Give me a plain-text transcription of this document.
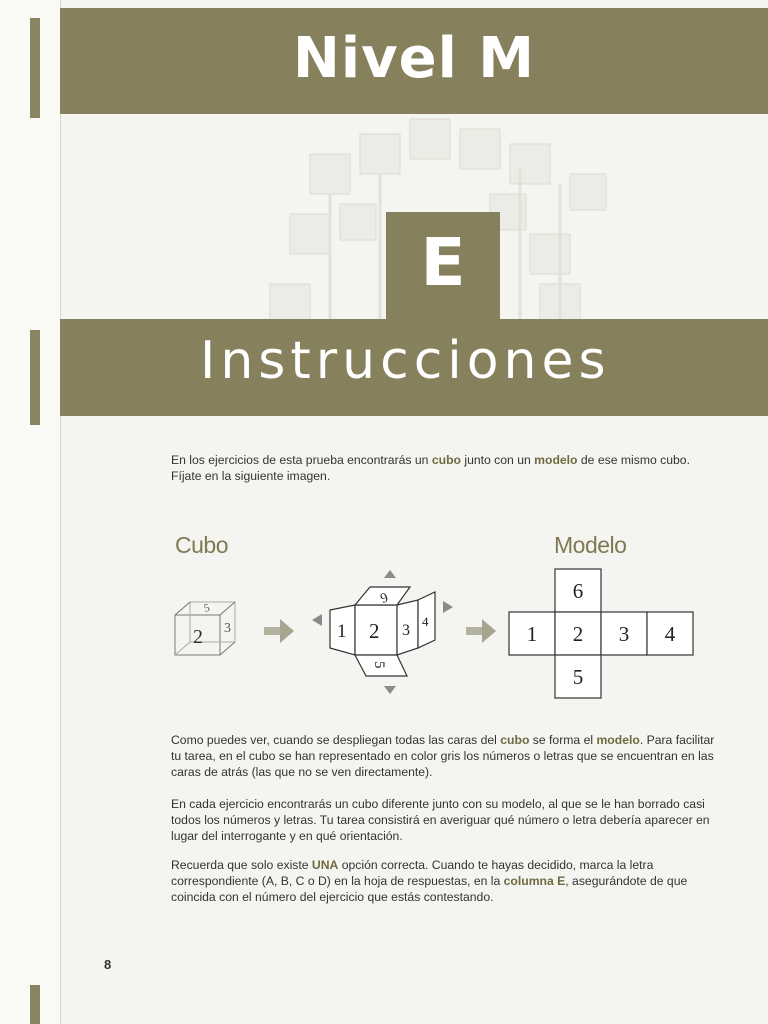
Nivel M
E
Instrucciones

En los ejercicios de esta prueba encontrarás un cubo junto con un modelo de ese mismo cubo. Fíjate en la siguiente imagen.

Cubo	Modelo
2
5
3	1 2 3
4
6
5
6
1 2 3 4
5

Como puedes ver, cuando se despliegan todas las caras del cubo se forma el modelo. Para facilitar tu tarea, en el cubo se han representado en color gris los números o letras que se encuentran en las caras de atrás (las que no se ven directamente).

En cada ejercicio encontrarás un cubo diferente junto con su modelo, al que se le han borrado casi todos los números y letras. Tu tarea consistirá en averiguar qué número o letra debería aparecer en lugar del interrogante y en qué orientación.

Recuerda que solo existe UNA opción correcta. Cuando te hayas decidido, marca la letra correspondiente (A, B, C o D) en la hoja de respuestas, en la columna E, asegurándote de que coincida con el número del ejercicio que estás contestando.

8
